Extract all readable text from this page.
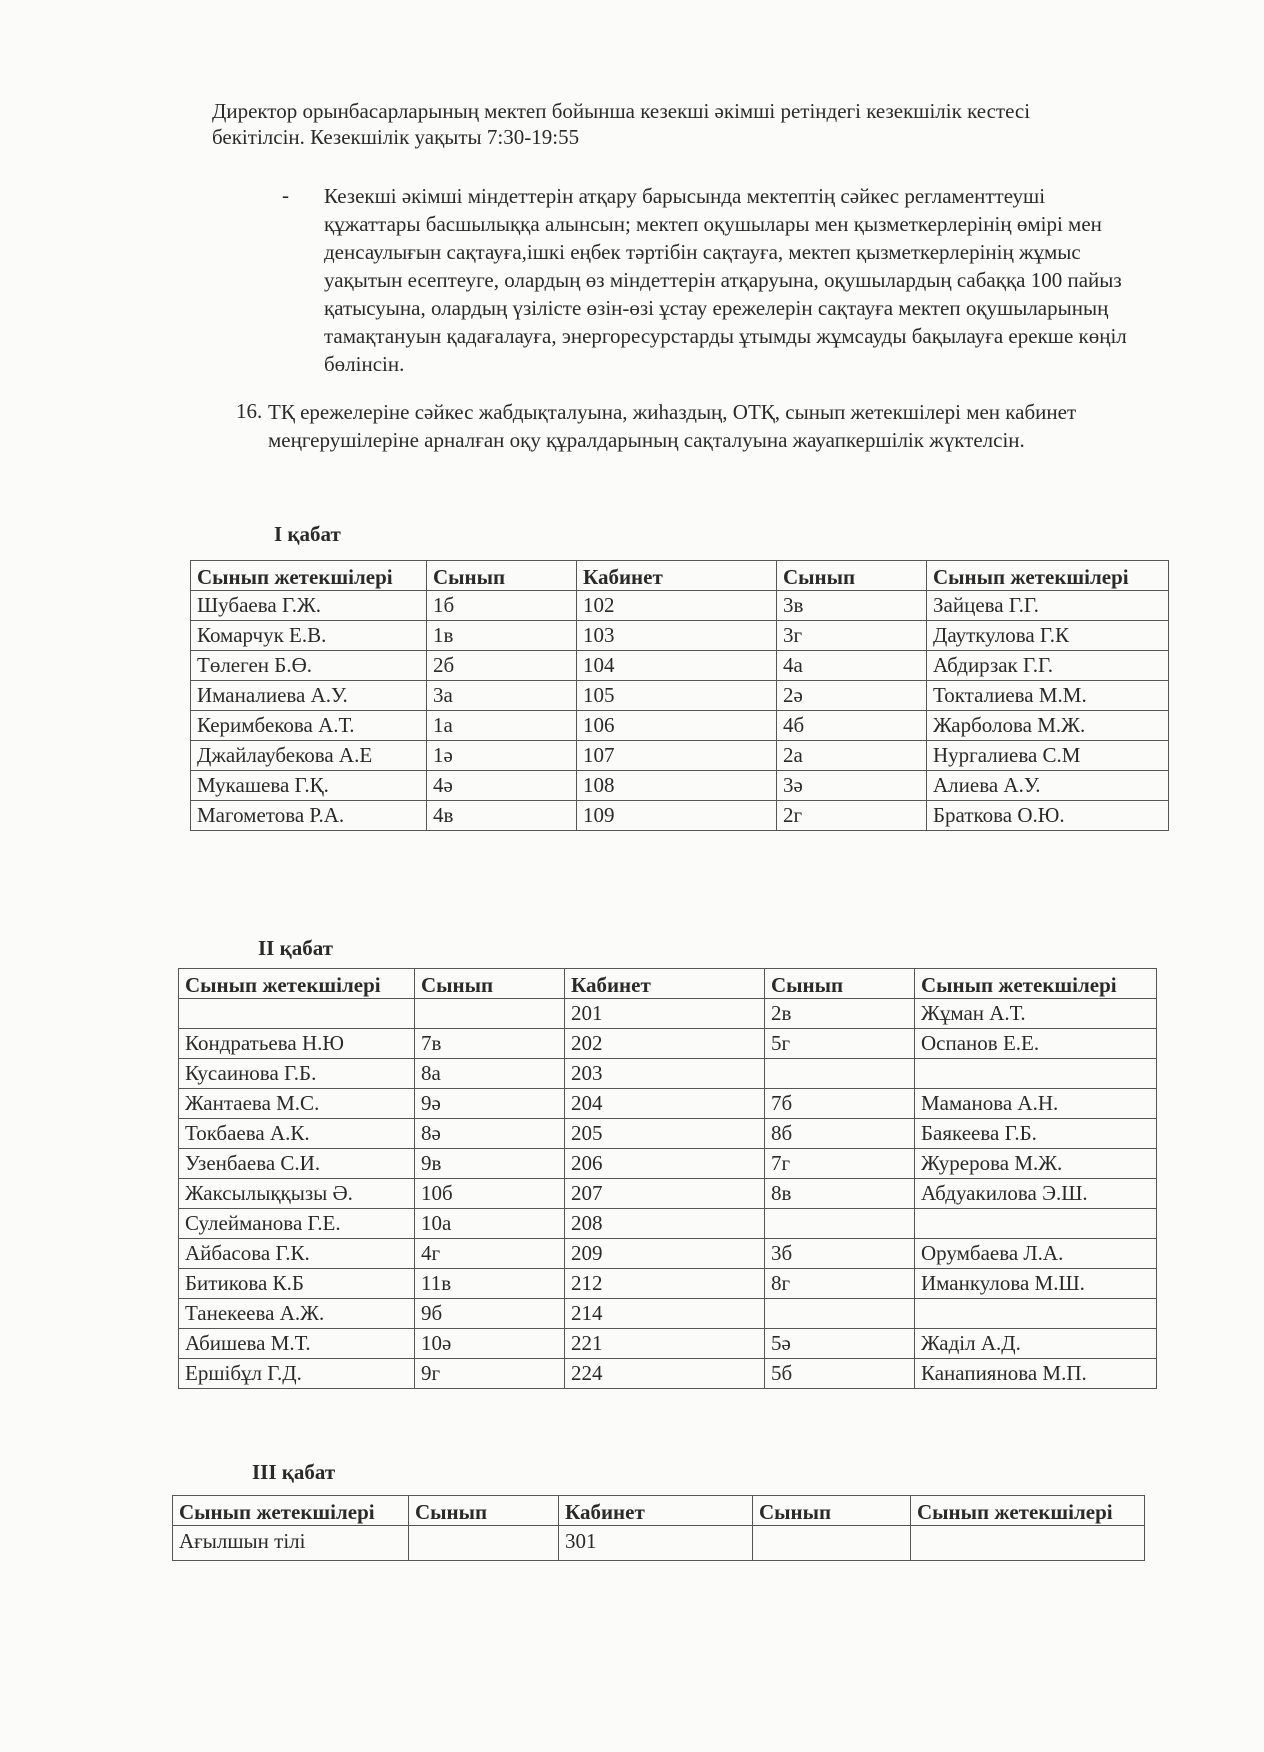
Директор орынбасарларының мектеп бойынша кезекші әкімші ретіндегі кезекшілік кестесі бекітілсін. Кезекшілік уақыты 7:30-19:55
- Кезекші әкімші міндеттерін атқару барысында мектептің сәйкес регламенттеуші құжаттары басшылыққа алынсын; мектеп оқушылары мен қызметкерлерінің өмірі мен денсаулығын сақтауға,ішкі еңбек тәртібін сақтауға, мектеп қызметкерлерінің жұмыс уақытын есептеуге, олардың өз міндеттерін атқаруына, оқушылардың сабаққа 100 пайыз қатысуына, олардың үзілісте өзін-өзі ұстау ережелерін сақтауға мектеп оқушыларының тамақтануын қадағалауға, энергоресурстарды ұтымды жұмсауды бақылауға ерекше көңіл бөлінсін.
16. ТҚ ережелеріне сәйкес жабдықталуына, жиһаздың, ОТҚ, сынып жетекшілері мен кабинет меңгерушілеріне арналған оқу құралдарының сақталуына жауапкершілік жүктелсін.
І қабат
Сынып жетекшілері	Сынып	Кабинет	Сынып	Сынып жетекшілері
Шубаева Г.Ж.	1б	102	3в	Зайцева Г.Г.
Комарчук Е.В.	1в	103	3г	Дауткулова Г.К
Төлеген Б.Ө.	2б	104	4а	Абдирзак Г.Г.
Иманалиева А.У.	3а	105	2ә	Токталиева М.М.
Керимбекова А.Т.	1а	106	4б	Жарболова М.Ж.
Джайлаубекова А.Е	1ә	107	2а	Нургалиева С.М
Мукашева Г.Қ.	4ә	108	3ә	Алиева А.У.
Магометова Р.А.	4в	109	2г	Браткова О.Ю.
ІІ қабат
Сынып жетекшілері	Сынып	Кабинет	Сынып	Сынып жетекшілері
		201	2в	Жұман А.Т.
Кондратьева Н.Ю	7в	202	5г	Оспанов Е.Е.
Кусаинова Г.Б.	8а	203		
Жантаева М.С.	9ә	204	7б	Маманова А.Н.
Токбаева А.К.	8ә	205	8б	Баякеева Г.Б.
Узенбаева С.И.	9в	206	7г	Журерова М.Ж.
Жаксылыққызы Ә.	10б	207	8в	Абдуакилова Э.Ш.
Сулейманова Г.Е.	10а	208		
Айбасова Г.К.	4г	209	3б	Орумбаева Л.А.
Битикова К.Б	11в	212	8г	Иманкулова М.Ш.
Танекеева А.Ж.	9б	214		
Абишева М.Т.	10ә	221	5ә	Жаділ А.Д.
Ершібұл Г.Д.	9г	224	5б	Канапиянова М.П.
ІІІ қабат
Сынып жетекшілері	Сынып	Кабинет	Сынып	Сынып жетекшілері
Ағылшын тілі		301		
